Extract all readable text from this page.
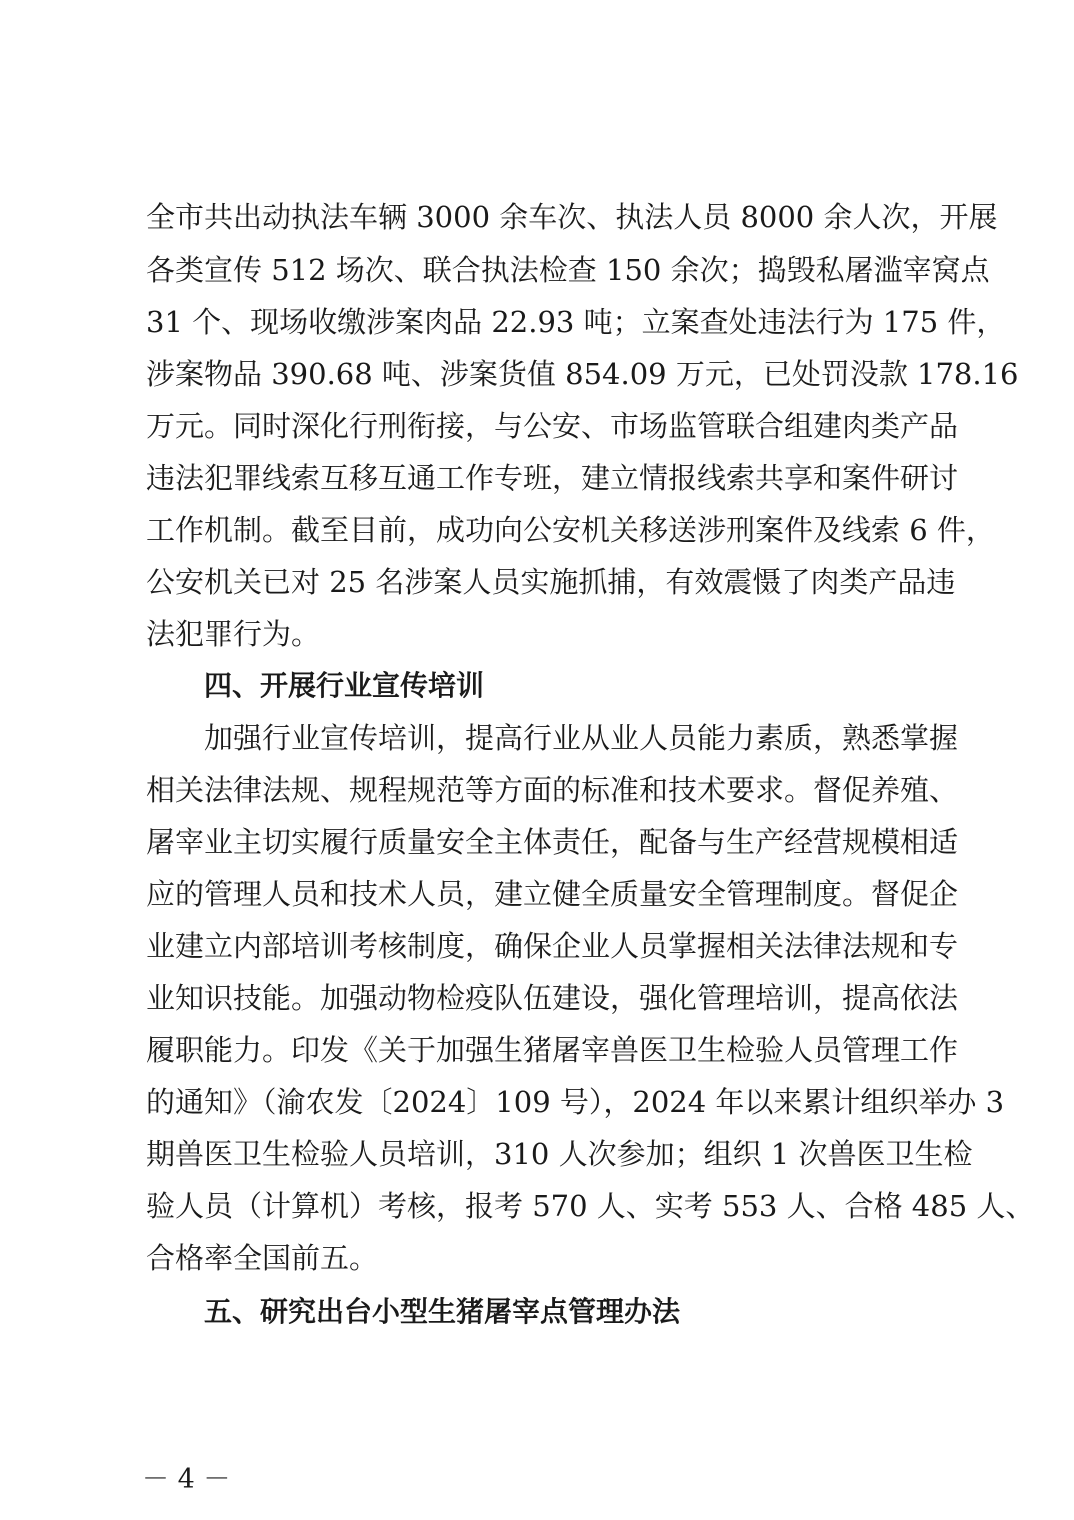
全市共出动执法车辆 3000 余车次、执法人员 8000 余人次，开展
各类宣传 512 场次、联合执法检查 150 余次；捣毁私屠滥宰窝点
31 个、现场收缴涉案肉品 22.93 吨；立案查处违法行为 175 件，
涉案物品 390.68 吨、涉案货值 854.09 万元，已处罚没款 178.16
万元。同时深化行刑衔接，与公安、市场监管联合组建肉类产品
违法犯罪线索互移互通工作专班，建立情报线索共享和案件研讨
工作机制。截至目前，成功向公安机关移送涉刑案件及线索 6 件，
公安机关已对 25 名涉案人员实施抓捕，有效震慑了肉类产品违
法犯罪行为。
四、开展行业宣传培训
加强行业宣传培训，提高行业从业人员能力素质，熟悉掌握
相关法律法规、规程规范等方面的标准和技术要求。督促养殖、
屠宰业主切实履行质量安全主体责任，配备与生产经营规模相适
应的管理人员和技术人员，建立健全质量安全管理制度。督促企
业建立内部培训考核制度，确保企业人员掌握相关法律法规和专
业知识技能。加强动物检疫队伍建设，强化管理培训，提高依法
履职能力。印发《关于加强生猪屠宰兽医卫生检验人员管理工作
的通知》（渝农发〔2024〕109 号），2024 年以来累计组织举办 3
期兽医卫生检验人员培训，310 人次参加；组织 1 次兽医卫生检
验人员（计算机）考核，报考 570 人、实考 553 人、合格 485 人、
合格率全国前五。
五、研究出台小型生猪屠宰点管理办法
－ 4 －
